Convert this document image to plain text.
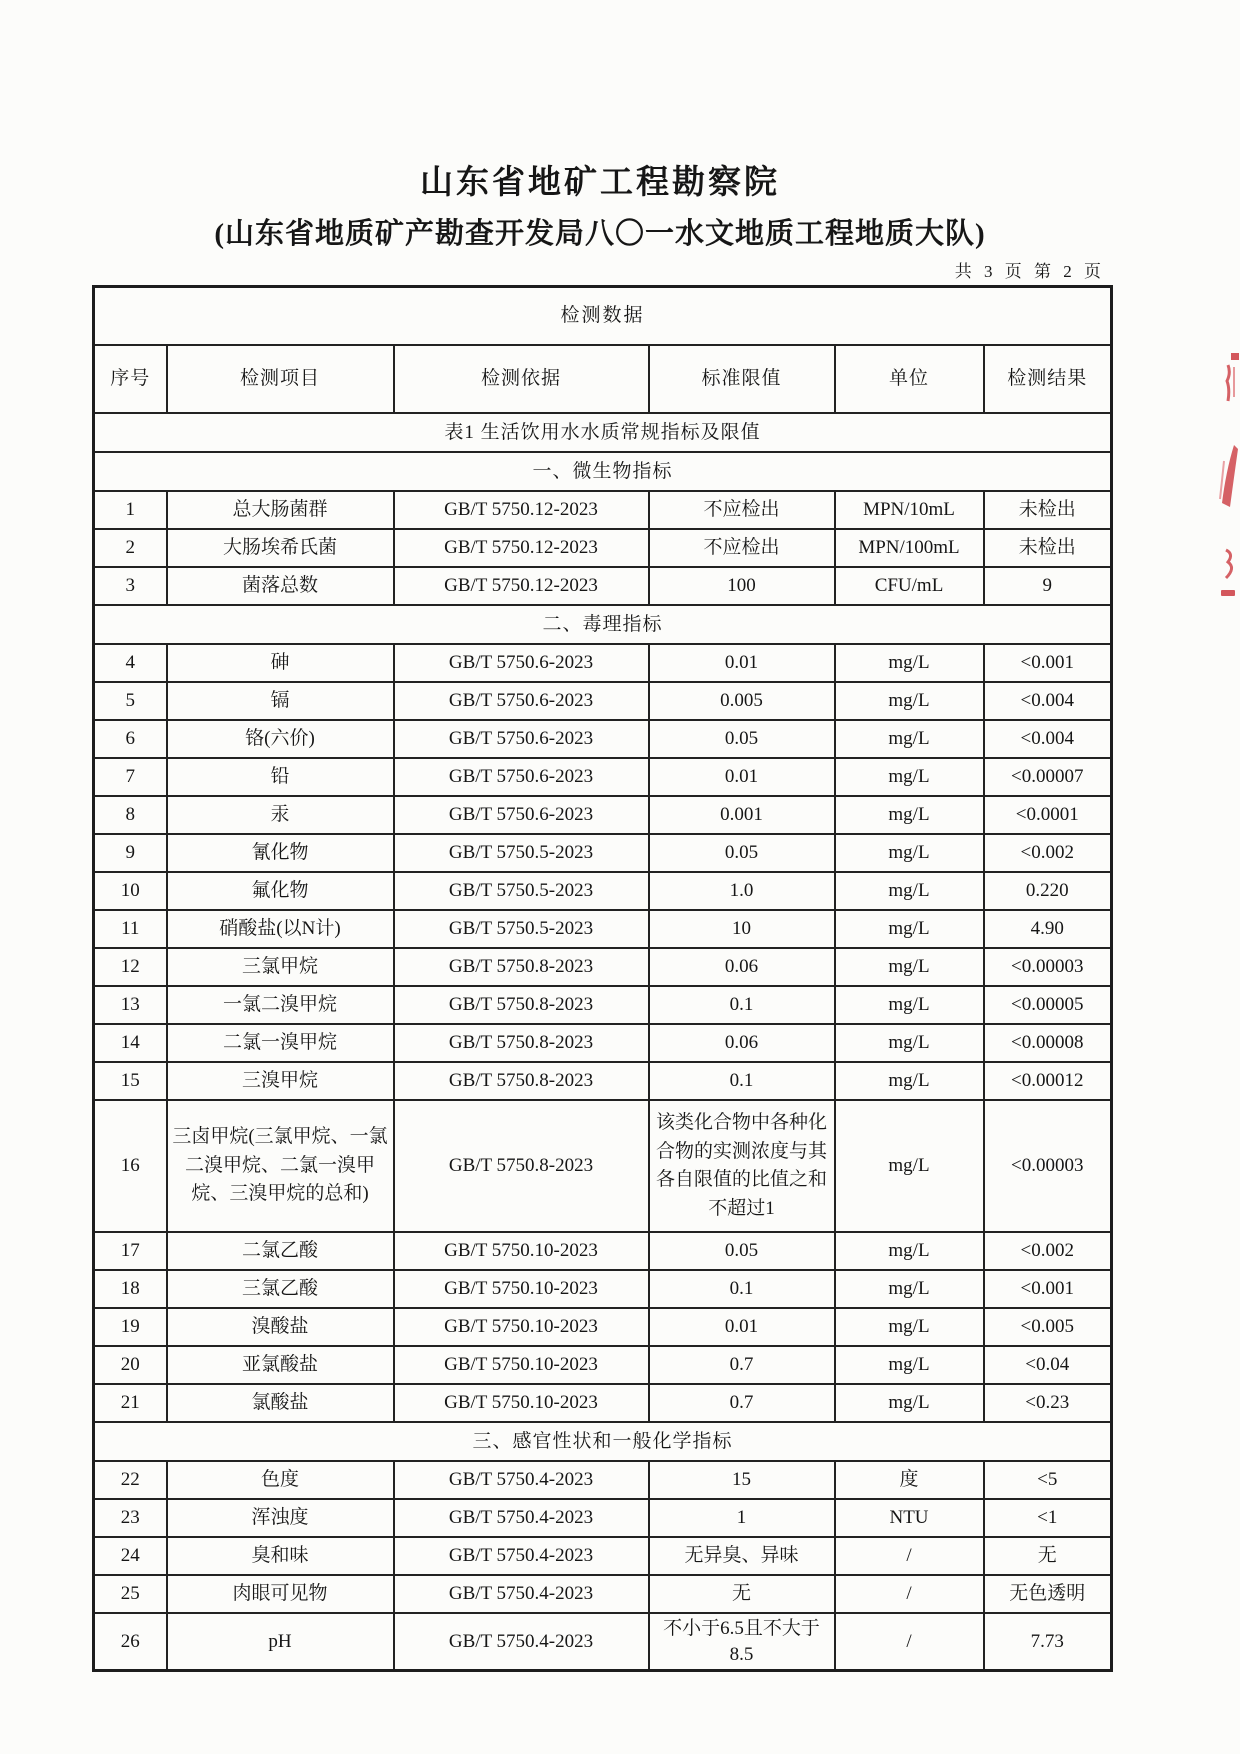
山东省地矿工程勘察院
(山东省地质矿产勘查开发局八〇一水文地质工程地质大队)
共 3 页 第 2 页
检测数据					
序号	检测项目	检测依据	标准限值	单位	检测结果
表1 生活饮用水水质常规指标及限值					
一、微生物指标					
1	总大肠菌群	GB/T 5750.12-2023	不应检出	MPN/10mL	未检出
2	大肠埃希氏菌	GB/T 5750.12-2023	不应检出	MPN/100mL	未检出
3	菌落总数	GB/T 5750.12-2023	100	CFU/mL	9
二、毒理指标					
4	砷	GB/T 5750.6-2023	0.01	mg/L	<0.001
5	镉	GB/T 5750.6-2023	0.005	mg/L	<0.004
6	铬(六价)	GB/T 5750.6-2023	0.05	mg/L	<0.004
7	铅	GB/T 5750.6-2023	0.01	mg/L	<0.00007
8	汞	GB/T 5750.6-2023	0.001	mg/L	<0.0001
9	氰化物	GB/T 5750.5-2023	0.05	mg/L	<0.002
10	氟化物	GB/T 5750.5-2023	1.0	mg/L	0.220
11	硝酸盐(以N计)	GB/T 5750.5-2023	10	mg/L	4.90
12	三氯甲烷	GB/T 5750.8-2023	0.06	mg/L	<0.00003
13	一氯二溴甲烷	GB/T 5750.8-2023	0.1	mg/L	<0.00005
14	二氯一溴甲烷	GB/T 5750.8-2023	0.06	mg/L	<0.00008
15	三溴甲烷	GB/T 5750.8-2023	0.1	mg/L	<0.00012
16	三卤甲烷(三氯甲烷、一氯二溴甲烷、二氯一溴甲烷、三溴甲烷的总和)	GB/T 5750.8-2023	该类化合物中各种化合物的实测浓度与其各自限值的比值之和不超过1	mg/L	<0.00003
17	二氯乙酸	GB/T 5750.10-2023	0.05	mg/L	<0.002
18	三氯乙酸	GB/T 5750.10-2023	0.1	mg/L	<0.001
19	溴酸盐	GB/T 5750.10-2023	0.01	mg/L	<0.005
20	亚氯酸盐	GB/T 5750.10-2023	0.7	mg/L	<0.04
21	氯酸盐	GB/T 5750.10-2023	0.7	mg/L	<0.23
三、感官性状和一般化学指标					
22	色度	GB/T 5750.4-2023	15	度	<5
23	浑浊度	GB/T 5750.4-2023	1	NTU	<1
24	臭和味	GB/T 5750.4-2023	无异臭、异味	/	无
25	肉眼可见物	GB/T 5750.4-2023	无	/	无色透明
26	pH	GB/T 5750.4-2023	不小于6.5且不大于8.5	/	7.73
